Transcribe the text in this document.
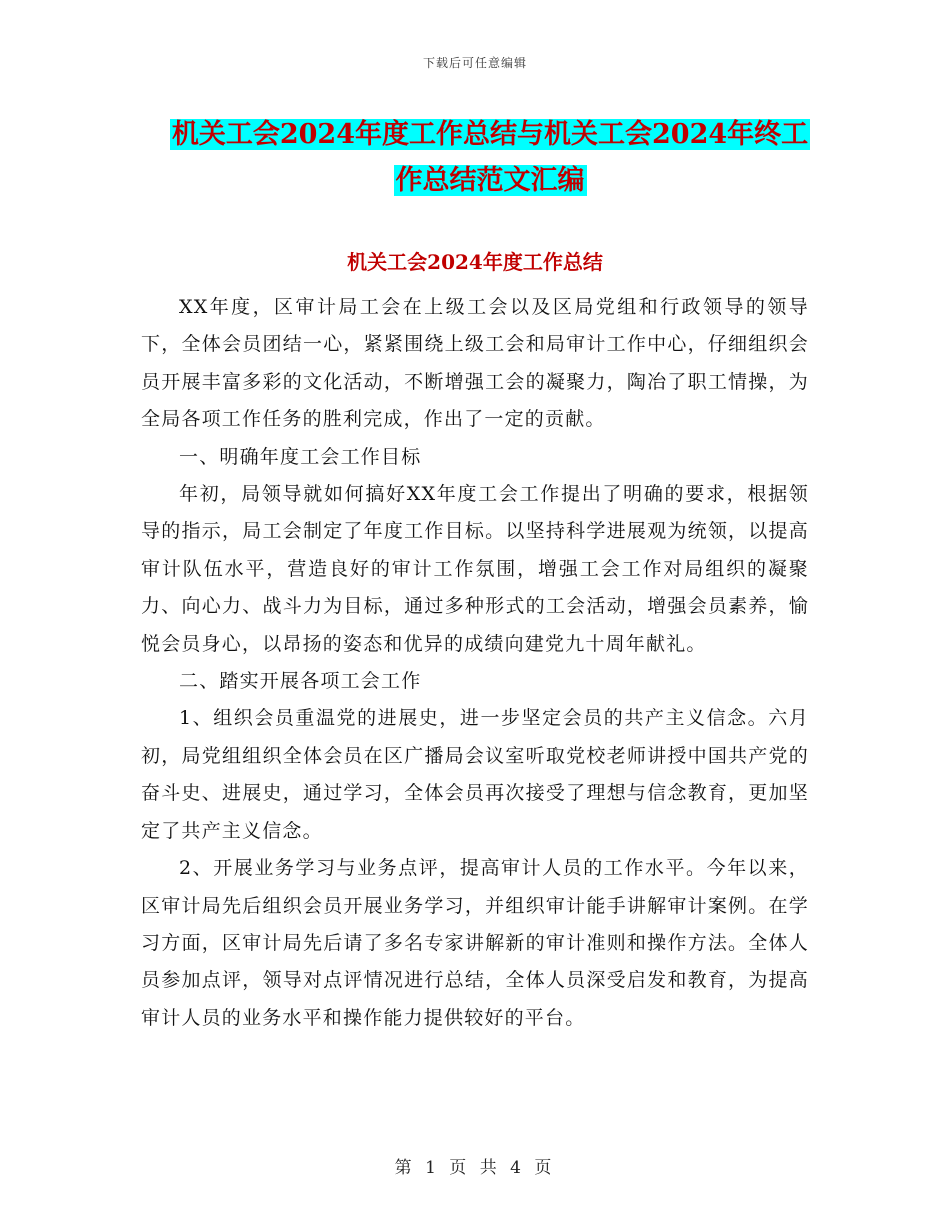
下载后可任意编辑
机关工会2024年度工作总结与机关工会2024年终工
作总结范文汇编
机关工会2024年度工作总结

XX年度，区审计局工会在上级工会以及区局党组和行政领导的领导下，全体会员团结一心，紧紧围绕上级工会和局审计工作中心，仔细组织会员开展丰富多彩的文化活动，不断增强工会的凝聚力，陶冶了职工情操，为全局各项工作任务的胜利完成，作出了一定的贡献。

一、明确年度工会工作目标

年初，局领导就如何搞好XX年度工会工作提出了明确的要求，根据领导的指示，局工会制定了年度工作目标。以坚持科学进展观为统领，以提高审计队伍水平，营造良好的审计工作氛围，增强工会工作对局组织的凝聚力、向心力、战斗力为目标，通过多种形式的工会活动，增强会员素养，愉悦会员身心，以昂扬的姿态和优异的成绩向建党九十周年献礼。

二、踏实开展各项工会工作

1、组织会员重温党的进展史，进一步坚定会员的共产主义信念。六月初，局党组组织全体会员在区广播局会议室听取党校老师讲授中国共产党的奋斗史、进展史，通过学习，全体会员再次接受了理想与信念教育，更加坚定了共产主义信念。

2、开展业务学习与业务点评，提高审计人员的工作水平。今年以来，区审计局先后组织会员开展业务学习，并组织审计能手讲解审计案例。在学习方面，区审计局先后请了多名专家讲解新的审计准则和操作方法。全体人员参加点评，领导对点评情况进行总结，全体人员深受启发和教育，为提高审计人员的业务水平和操作能力提供较好的平台。

第 1 页 共 4 页
